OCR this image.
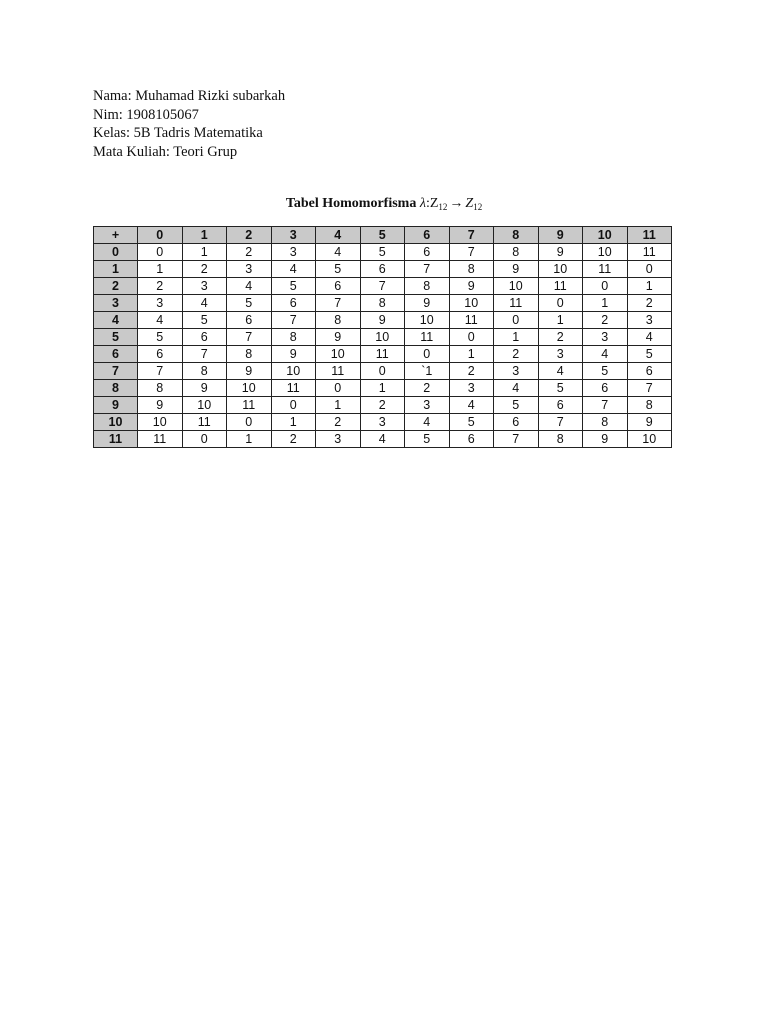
Nama: Muhamad Rizki subarkah
Nim: 1908105067
Kelas: 5B Tadris Matematika
Mata Kuliah: Teori Grup
Tabel Homomorfisma $\lambda:Z_{12} \to Z_{12}$
+	0	1	2	3	4	5	6	7	8	9	10	11
0	0	1	2	3	4	5	6	7	8	9	10	11
1	1	2	3	4	5	6	7	8	9	10	11	0
2	2	3	4	5	6	7	8	9	10	11	0	1
3	3	4	5	6	7	8	9	10	11	0	1	2
4	4	5	6	7	8	9	10	11	0	1	2	3
5	5	6	7	8	9	10	11	0	1	2	3	4
6	6	7	8	9	10	11	0	1	2	3	4	5
7	7	8	9	10	11	0	`1	2	3	4	5	6
8	8	9	10	11	0	1	2	3	4	5	6	7
9	9	10	11	0	1	2	3	4	5	6	7	8
10	10	11	0	1	2	3	4	5	6	7	8	9
11	11	0	1	2	3	4	5	6	7	8	9	10
